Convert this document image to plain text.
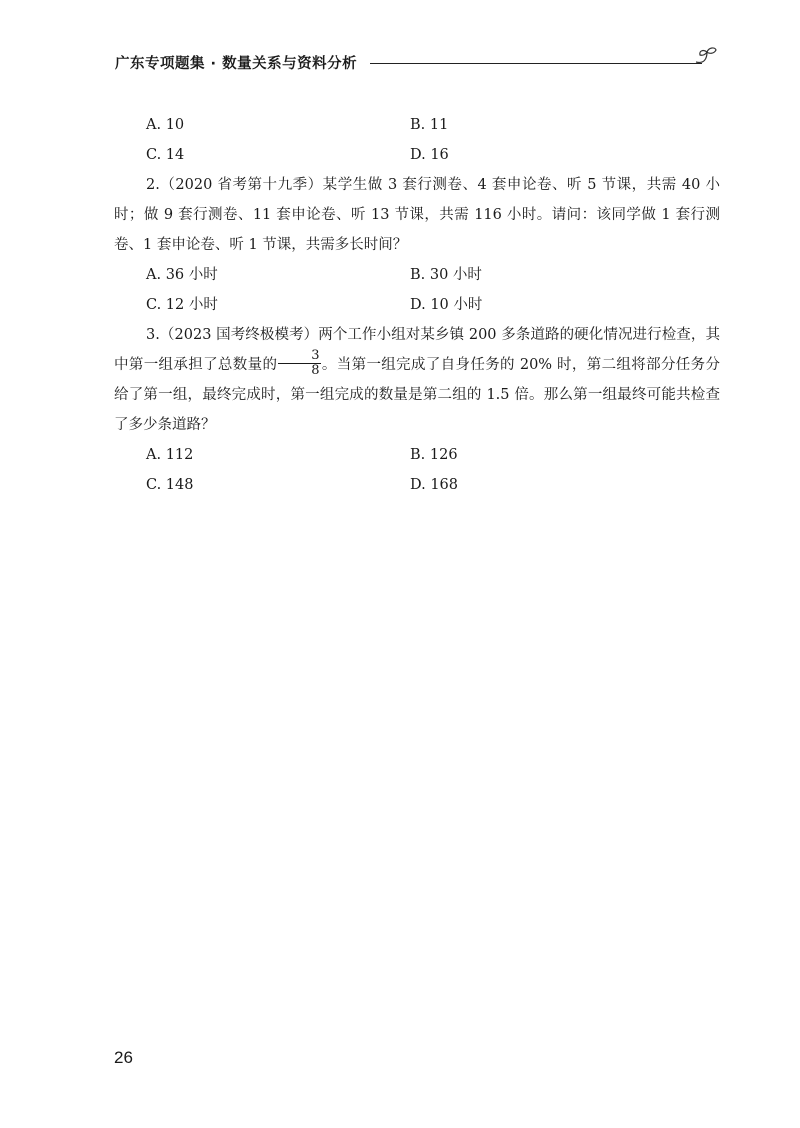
广东专项题集 · 数量关系与资料分析
A. 10	B. 11
C. 14	D. 16
2.（2020 省考第十九季）某学生做 3 套行测卷、4 套申论卷、听 5 节课，共需 40 小时；做 9 套行测卷、11 套申论卷、听 13 节课，共需 116 小时。请问：该同学做 1 套行测卷、1 套申论卷、听 1 节课，共需多长时间？
A. 36 小时	B. 30 小时
C. 12 小时	D. 10 小时
3.（2023 国考终极模考）两个工作小组对某乡镇 200 多条道路的硬化情况进行检查，其中第一组承担了总数量的 $\frac{3}{8}$ 。当第一组完成了自身任务的 20% 时，第二组将部分任务分给了第一组，最终完成时，第一组完成的数量是第二组的 1.5 倍。那么第一组最终可能共检查了多少条道路？
A. 112	B. 126
C. 148	D. 168
26
